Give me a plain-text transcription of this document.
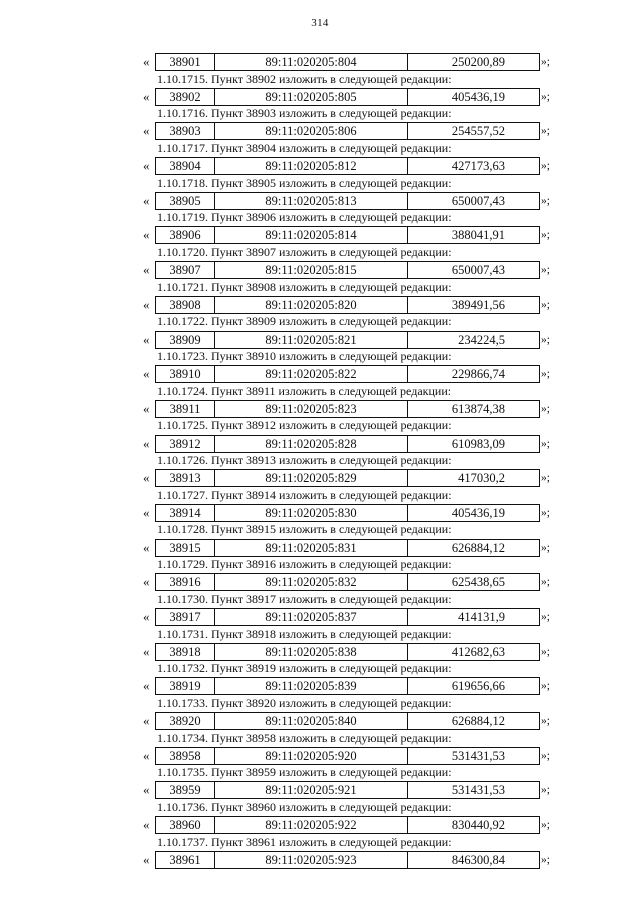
314
«	38901	89:11:020205:804	250200,89	»;
1.10.1715. Пункт 38902 изложить в следующей редакции:
«	38902	89:11:020205:805	405436,19	»;
1.10.1716. Пункт 38903 изложить в следующей редакции:
«	38903	89:11:020205:806	254557,52	»;
1.10.1717. Пункт 38904 изложить в следующей редакции:
«	38904	89:11:020205:812	427173,63	»;
1.10.1718. Пункт 38905 изложить в следующей редакции:
«	38905	89:11:020205:813	650007,43	»;
1.10.1719. Пункт 38906 изложить в следующей редакции:
«	38906	89:11:020205:814	388041,91	»;
1.10.1720. Пункт 38907 изложить в следующей редакции:
«	38907	89:11:020205:815	650007,43	»;
1.10.1721. Пункт 38908 изложить в следующей редакции:
«	38908	89:11:020205:820	389491,56	»;
1.10.1722. Пункт 38909 изложить в следующей редакции:
«	38909	89:11:020205:821	234224,5	»;
1.10.1723. Пункт 38910 изложить в следующей редакции:
«	38910	89:11:020205:822	229866,74	»;
1.10.1724. Пункт 38911 изложить в следующей редакции:
«	38911	89:11:020205:823	613874,38	»;
1.10.1725. Пункт 38912 изложить в следующей редакции:
«	38912	89:11:020205:828	610983,09	»;
1.10.1726. Пункт 38913 изложить в следующей редакции:
«	38913	89:11:020205:829	417030,2	»;
1.10.1727. Пункт 38914 изложить в следующей редакции:
«	38914	89:11:020205:830	405436,19	»;
1.10.1728. Пункт 38915 изложить в следующей редакции:
«	38915	89:11:020205:831	626884,12	»;
1.10.1729. Пункт 38916 изложить в следующей редакции:
«	38916	89:11:020205:832	625438,65	»;
1.10.1730. Пункт 38917 изложить в следующей редакции:
«	38917	89:11:020205:837	414131,9	»;
1.10.1731. Пункт 38918 изложить в следующей редакции:
«	38918	89:11:020205:838	412682,63	»;
1.10.1732. Пункт 38919 изложить в следующей редакции:
«	38919	89:11:020205:839	619656,66	»;
1.10.1733. Пункт 38920 изложить в следующей редакции:
«	38920	89:11:020205:840	626884,12	»;
1.10.1734. Пункт 38958 изложить в следующей редакции:
«	38958	89:11:020205:920	531431,53	»;
1.10.1735. Пункт 38959 изложить в следующей редакции:
«	38959	89:11:020205:921	531431,53	»;
1.10.1736. Пункт 38960 изложить в следующей редакции:
«	38960	89:11:020205:922	830440,92	»;
1.10.1737. Пункт 38961 изложить в следующей редакции:
«	38961	89:11:020205:923	846300,84	»;
